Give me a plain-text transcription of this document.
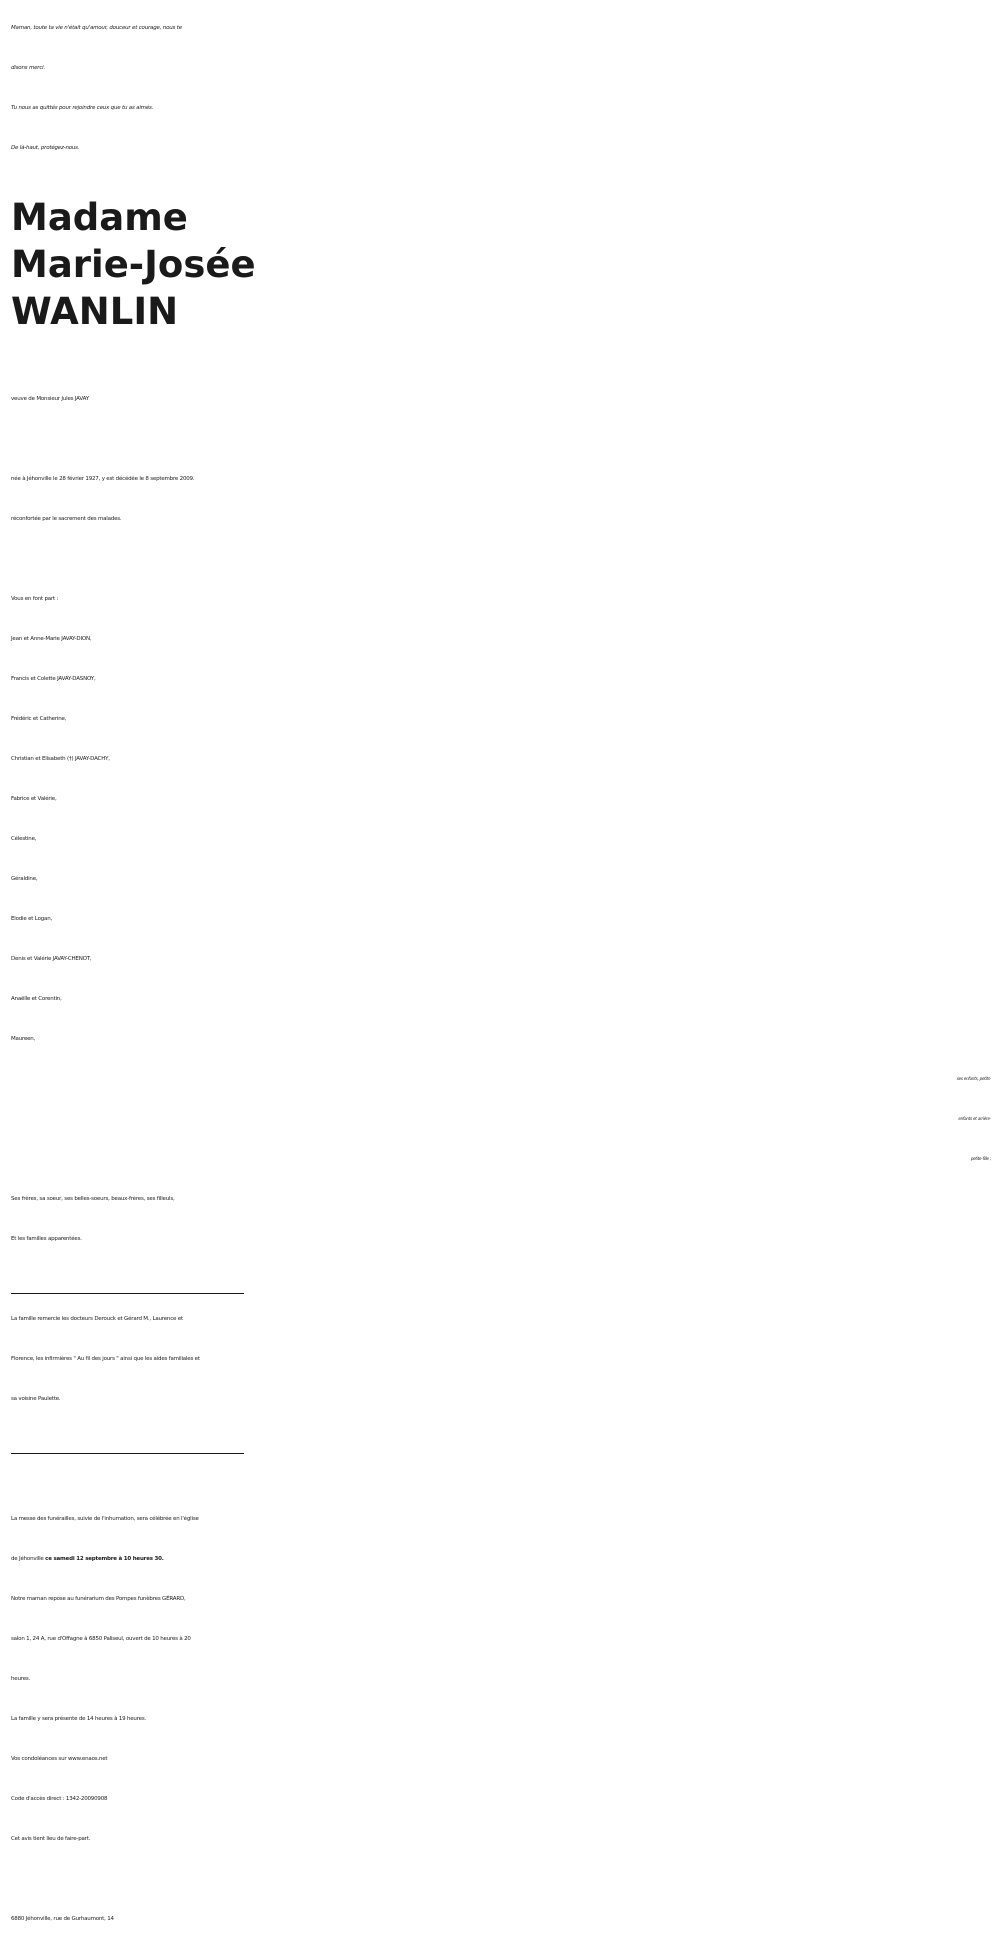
Maman, toute ta vie n'était qu'amour, douceur et courage, nous te
disons merci.
Tu nous as quittés pour rejoindre ceux que tu as aimés.
De là-haut, protégez-nous.
Madame
Marie-Josée
WANLIN
veuve de Monsieur Jules JAVAY
née à Jéhonville le 28 février 1927, y est décédée le 8 septembre 2009.
réconfortée par le sacrement des malades.
Vous en font part :
Jean et Anne-Marie JAVAY-DION,
Francis et Colette JAVAY-DASNOY,
Frédéric et Catherine,
Christian et Elisabeth (†) JAVAY-DACHY,
Fabrice et Valérie,
Célestine,
Géraldine,
Elodie et Logan,
Denis et Valérie JAVAY-CHENOT,
Anaëlle et Corentin,
Maureen,
ses enfants, petits-
enfants et arrière-
petite-fille ;
Ses frères, sa soeur, ses belles-soeurs, beaux-frères, ses filleuls,
Et les familles apparentées.
La famille remercie les docteurs Derouck et Gérard M., Laurence et
Florence, les infirmières " Au fil des jours " ainsi que les aides familiales et
sa voisine Paulette.
La messe des funérailles, suivie de l'inhumation, sera célébrée en l'église
de Jéhonville ce samedi 12 septembre à 10 heures 30.
Notre maman repose au funérarium des Pompes funèbres GÉRARD,
salon 1, 24 A, rue d'Offagne à 6850 Paliseul, ouvert de 10 heures à 20
heures.
La famille y sera présente de 14 heures à 19 heures.
Vos condoléances sur www.enaos.net
Code d'accès direct : 1342-20090908
Cet avis tient lieu de faire-part.
6880 Jéhonville, rue de Gurhaumont, 14
